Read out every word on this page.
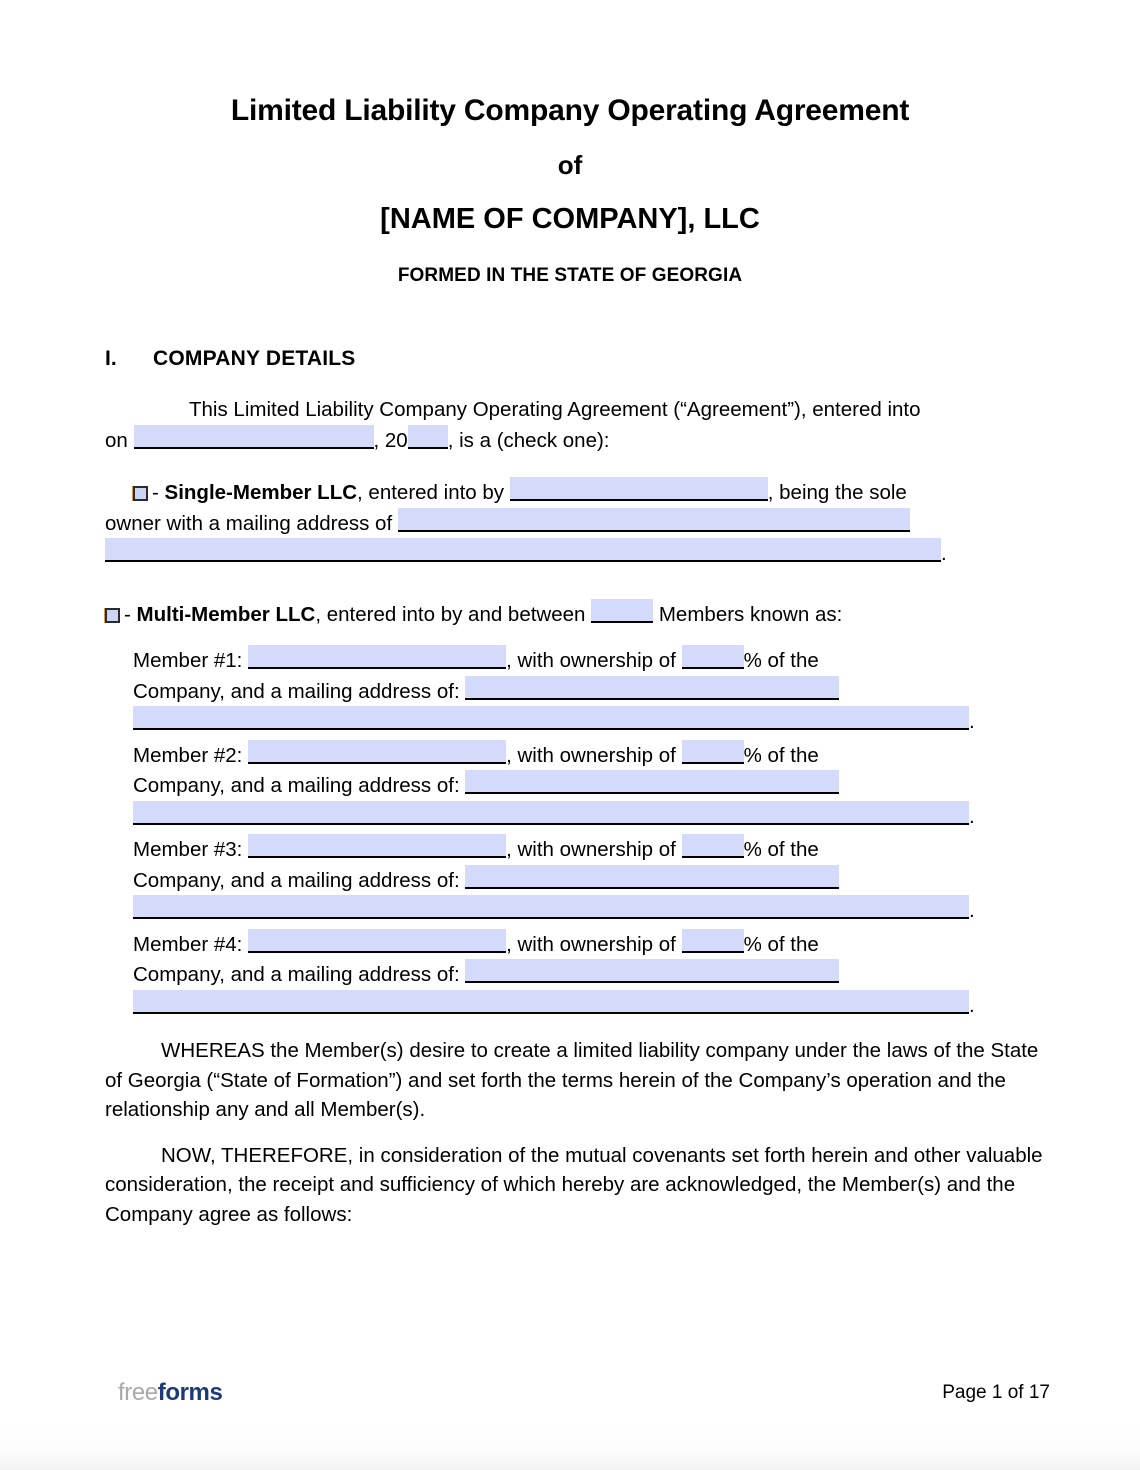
Limited Liability Company Operating Agreement
of
[NAME OF COMPANY], LLC
FORMED IN THE STATE OF GEORGIA
I.	COMPANY DETAILS
This Limited Liability Company Operating Agreement (“Agreement”), entered into
on	, 20 , is a (check one):
- Single-Member LLC, entered into by	, being the sole
owner with a mailing address of
.
- Multi-Member LLC, entered into by and between	Members known as:
Member #1:	, with ownership of	% of the
Company, and a mailing address of:
.
Member #2:	, with ownership of	% of the
Company, and a mailing address of:
.
Member #3:	, with ownership of	% of the
Company, and a mailing address of:
.
Member #4:	, with ownership of	% of the
Company, and a mailing address of:
.
WHEREAS the Member(s) desire to create a limited liability company under the laws of the State of Georgia (“State of Formation”) and set forth the terms herein of the Company’s operation and the relationship any and all Member(s).
NOW, THEREFORE, in consideration of the mutual covenants set forth herein and other valuable consideration, the receipt and sufficiency of which hereby are acknowledged, the Member(s) and the Company agree as follows:
freeforms	Page 1 of 17
